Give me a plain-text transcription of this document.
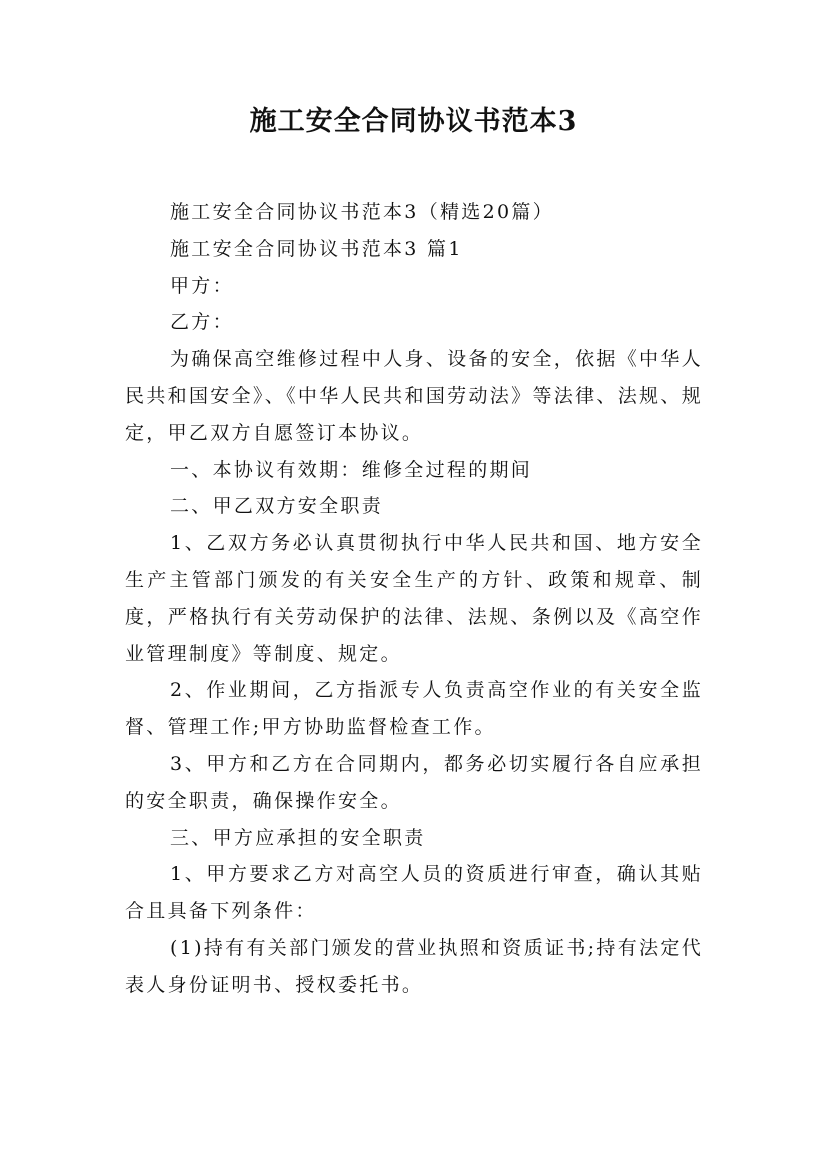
施工安全合同协议书范本3

施工安全合同协议书范本3（精选20篇）

施工安全合同协议书范本3 篇1

甲方：

乙方：

为确保高空维修过程中人身、设备的安全，依据《中华人民共和国安全》、《中华人民共和国劳动法》等法律、法规、规定，甲乙双方自愿签订本协议。

一、本协议有效期：维修全过程的期间

二、甲乙双方安全职责

1、乙双方务必认真贯彻执行中华人民共和国、地方安全生产主管部门颁发的有关安全生产的方针、政策和规章、制度，严格执行有关劳动保护的法律、法规、条例以及《高空作业管理制度》等制度、规定。

2、作业期间，乙方指派专人负责高空作业的有关安全监督、管理工作;甲方协助监督检查工作。

3、甲方和乙方在合同期内，都务必切实履行各自应承担的安全职责，确保操作安全。

三、甲方应承担的安全职责

1、甲方要求乙方对高空人员的资质进行审查，确认其贴合且具备下列条件：

(1)持有有关部门颁发的营业执照和资质证书;持有法定代表人身份证明书、授权委托书。
